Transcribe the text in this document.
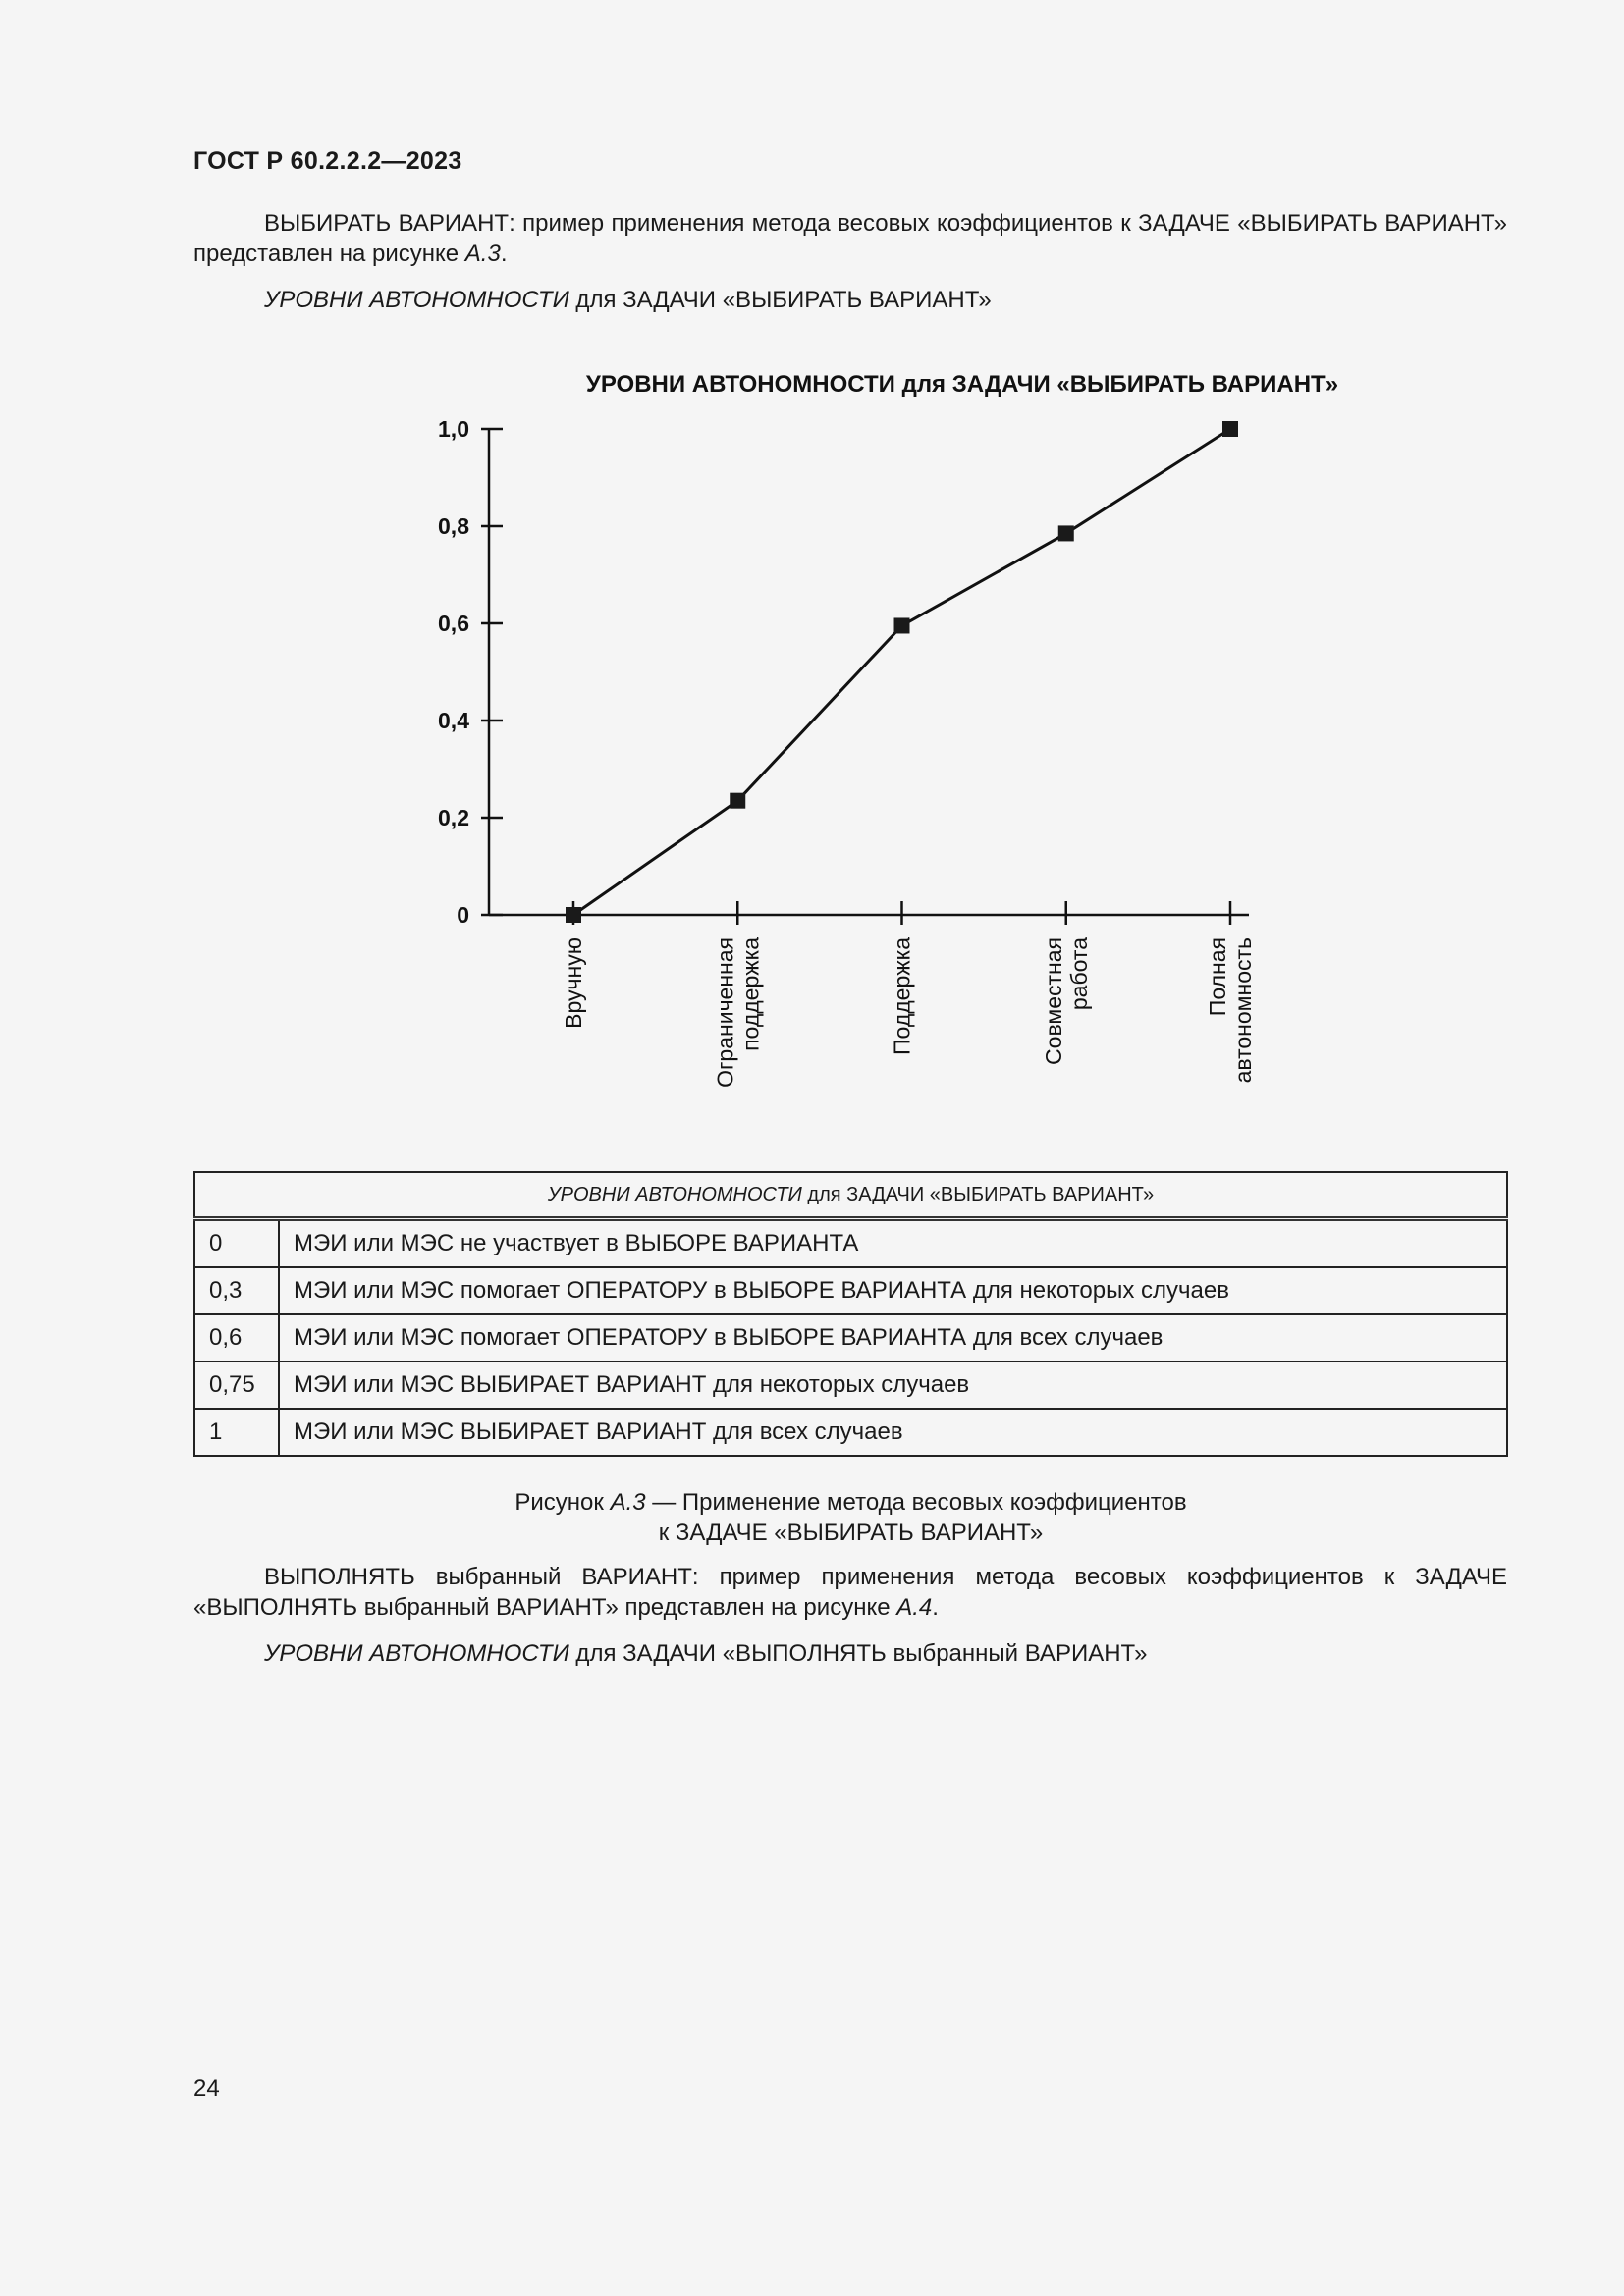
ГОСТ Р 60.2.2.2—2023

ВЫБИРАТЬ ВАРИАНТ: пример применения метода весовых коэффициентов к ЗАДАЧЕ «ВЫБИРАТЬ ВАРИАНТ» представлен на рисунке А.3.

УРОВНИ АВТОНОМНОСТИ для ЗАДАЧИ «ВЫБИРАТЬ ВАРИАНТ»
УРОВНИ АВТОНОМНОСТИ для ЗАДАЧИ «ВЫБИРАТЬ ВАРИАНТ»
0
0,2
0,4
0,6
0,8
1,0
Вручную	Ограниченная поддержка	Поддержка	Совместная работа	Полная автономность
УРОВНИ АВТОНОМНОСТИ для ЗАДАЧИ «ВЫБИРАТЬ ВАРИАНТ»	
0	МЭИ или МЭС не участвует в ВЫБОРЕ ВАРИАНТА
0,3	МЭИ или МЭС помогает ОПЕРАТОРУ в ВЫБОРЕ ВАРИАНТА для некоторых случаев
0,6	МЭИ или МЭС помогает ОПЕРАТОРУ в ВЫБОРЕ ВАРИАНТА для всех случаев
0,75	МЭИ или МЭС ВЫБИРАЕТ ВАРИАНТ для некоторых случаев
1	МЭИ или МЭС ВЫБИРАЕТ ВАРИАНТ для всех случаев
Рисунок А.3 — Применение метода весовых коэффициентов
к ЗАДАЧЕ «ВЫБИРАТЬ ВАРИАНТ»

ВЫПОЛНЯТЬ выбранный ВАРИАНТ: пример применения метода весовых коэффициентов к ЗАДАЧЕ «ВЫПОЛНЯТЬ выбранный ВАРИАНТ» представлен на рисунке А.4.

УРОВНИ АВТОНОМНОСТИ для ЗАДАЧИ «ВЫПОЛНЯТЬ выбранный ВАРИАНТ»
24
